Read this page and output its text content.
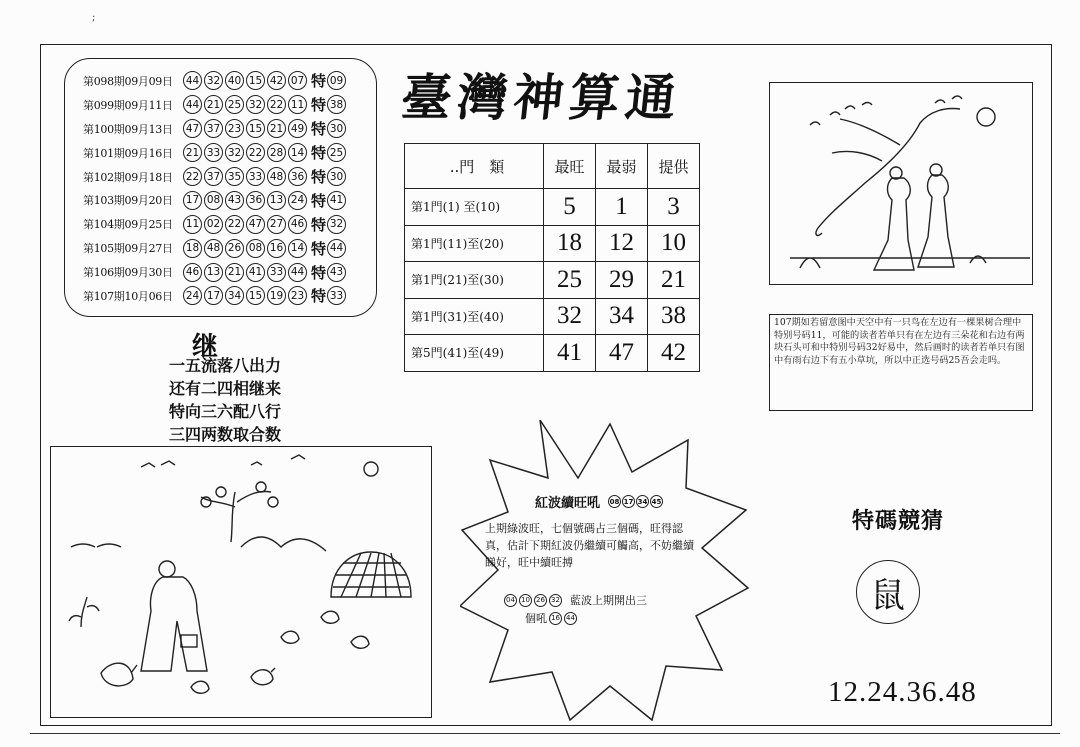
;
第098期09月09日	44 32 40 15 42 07 特 09
第099期09月11日	44 21 25 32 22 11 特 38
第100期09月13日	47 37 23 15 21 49 特 30
第101期09月16日	21 33 32 22 28 14 特 25
第102期09月18日	22 37 35 33 48 36 特 30
第103期09月20日	17 08 43 36 13 24 特 41
第104期09月25日	11 02 22 47 27 46 特 32
第105期09月27日	18 48 26 08 16 14 特 44
第106期09月30日	46 13 21 41 33 44 特 43
第107期10月06日	24 17 34 15 19 23 特 33
继
一五流落八出力
还有二四相继来
特向三六配八行
三四两数取合数
臺灣神算通
..門　類	最旺	最弱	提供
第1門(1) 至(10)	5	1	3
第1門(11)至(20)	18	12	10
第1門(21)至(30)	25	29	21
第1門(31)至(40)	32	34	38
第5門(41)至(49)	41	47	42
107期如若留意图中天空中有一只鸟在左边有一棵果树合理中特别号码11，可能的读者若单只有在左边有三朵花和右边有两块石头可和中特别号码32好易中，然后画时的读者若单只有图中有雨右边下有五小草坑，所以中正选号码25吾会走吗。
紅波續旺吼 08 17 34 45
上期綠波旺，七個號碼占三個碼，旺得認真，估計下期紅波仍繼續可觸高，不妨繼續睇好，旺中續旺搏
04 10 26 32 藍波上期開出三
個吼 16 44
特碼競猜
鼠
12.24.36.48
